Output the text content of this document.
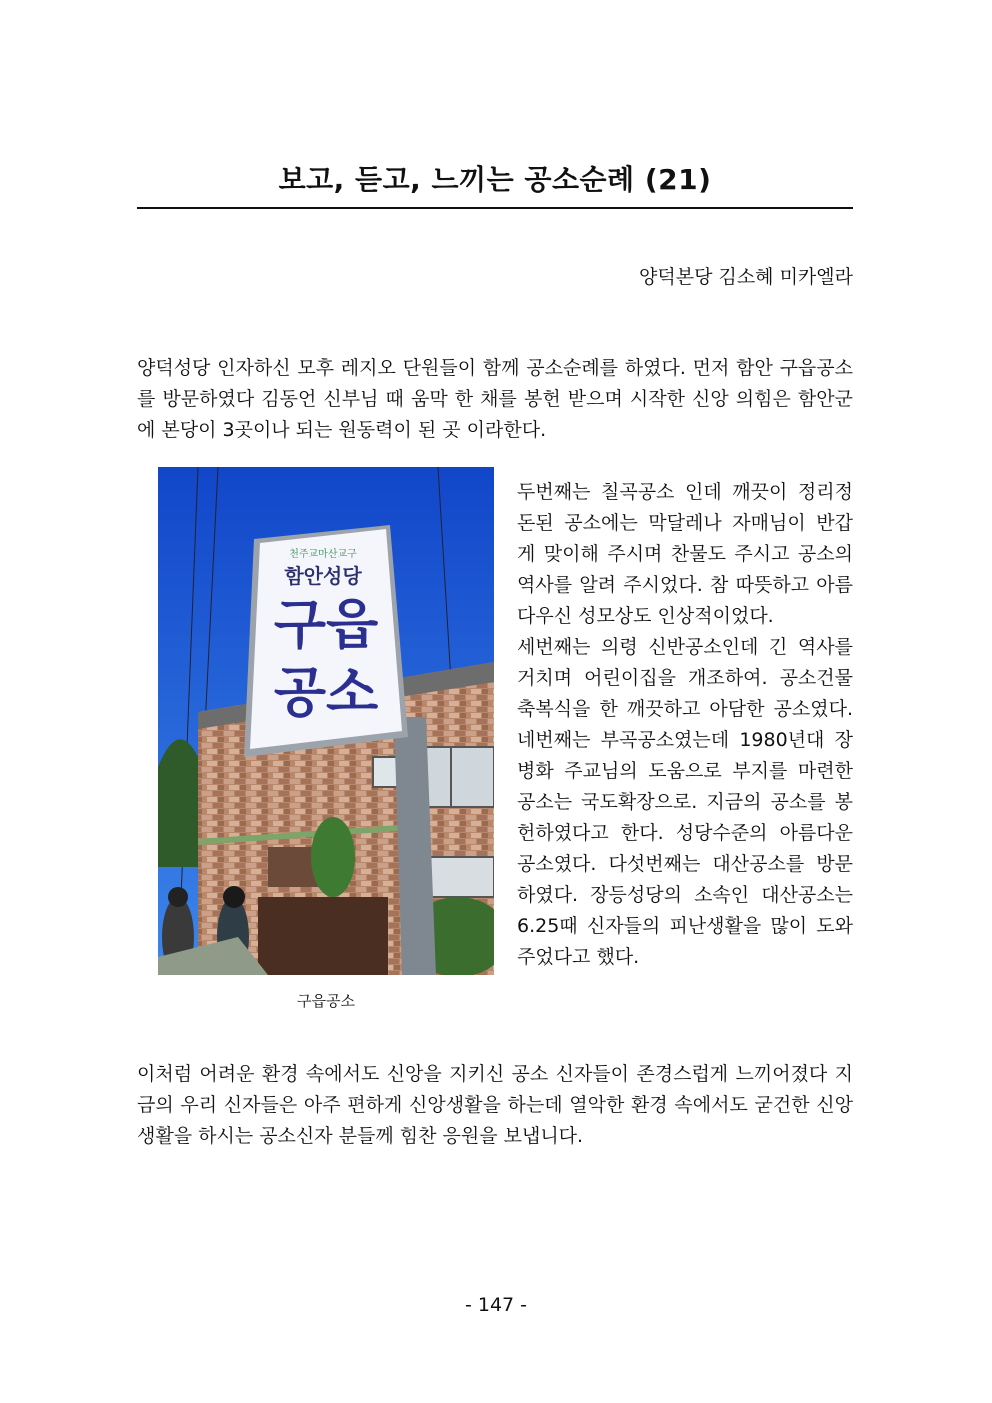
보고, 듣고, 느끼는 공소순례 (21)
양덕본당 김소혜 미카엘라

양덕성당 인자하신 모후 레지오 단원들이 함께 공소순례를 하였다. 먼저 함안 구읍공소를 방문하였다 김동언 신부님 때 움막 한 채를 봉헌 받으며 시작한 신앙 의힘은 함안군에 본당이 3곳이나 되는 원동력이 된 곳 이라한다.

천주교마산교구
함안성당
구읍
공소
구읍공소
두번째는 칠곡공소 인데 깨끗이 정리정돈된 공소에는 막달레나 자매님이 반갑게 맞이해 주시며 찬물도 주시고 공소의 역사를 알려 주시었다. 참 따뜻하고 아름다우신 성모상도 인상적이었다.
세번째는 의령 신반공소인데 긴 역사를 거치며 어린이집을 개조하여. 공소건물 축복식을 한 깨끗하고 아담한 공소였다. 네번째는 부곡공소였는데 1980년대 장병화 주교님의 도움으로 부지를 마련한 공소는 국도확장으로. 지금의 공소를 봉헌하였다고 한다. 성당수준의 아름다운 공소였다. 다섯번째는 대산공소를 방문하였다. 장등성당의 소속인 대산공소는 6.25때 신자들의 피난생활을 많이 도와주었다고 했다.

이처럼 어려운 환경 속에서도 신앙을 지키신 공소 신자들이 존경스럽게 느끼어졌다 지금의 우리 신자들은 아주 편하게 신앙생활을 하는데 열악한 환경 속에서도 굳건한 신앙생활을 하시는 공소신자 분들께 힘찬 응원을 보냅니다.

- 147 -
